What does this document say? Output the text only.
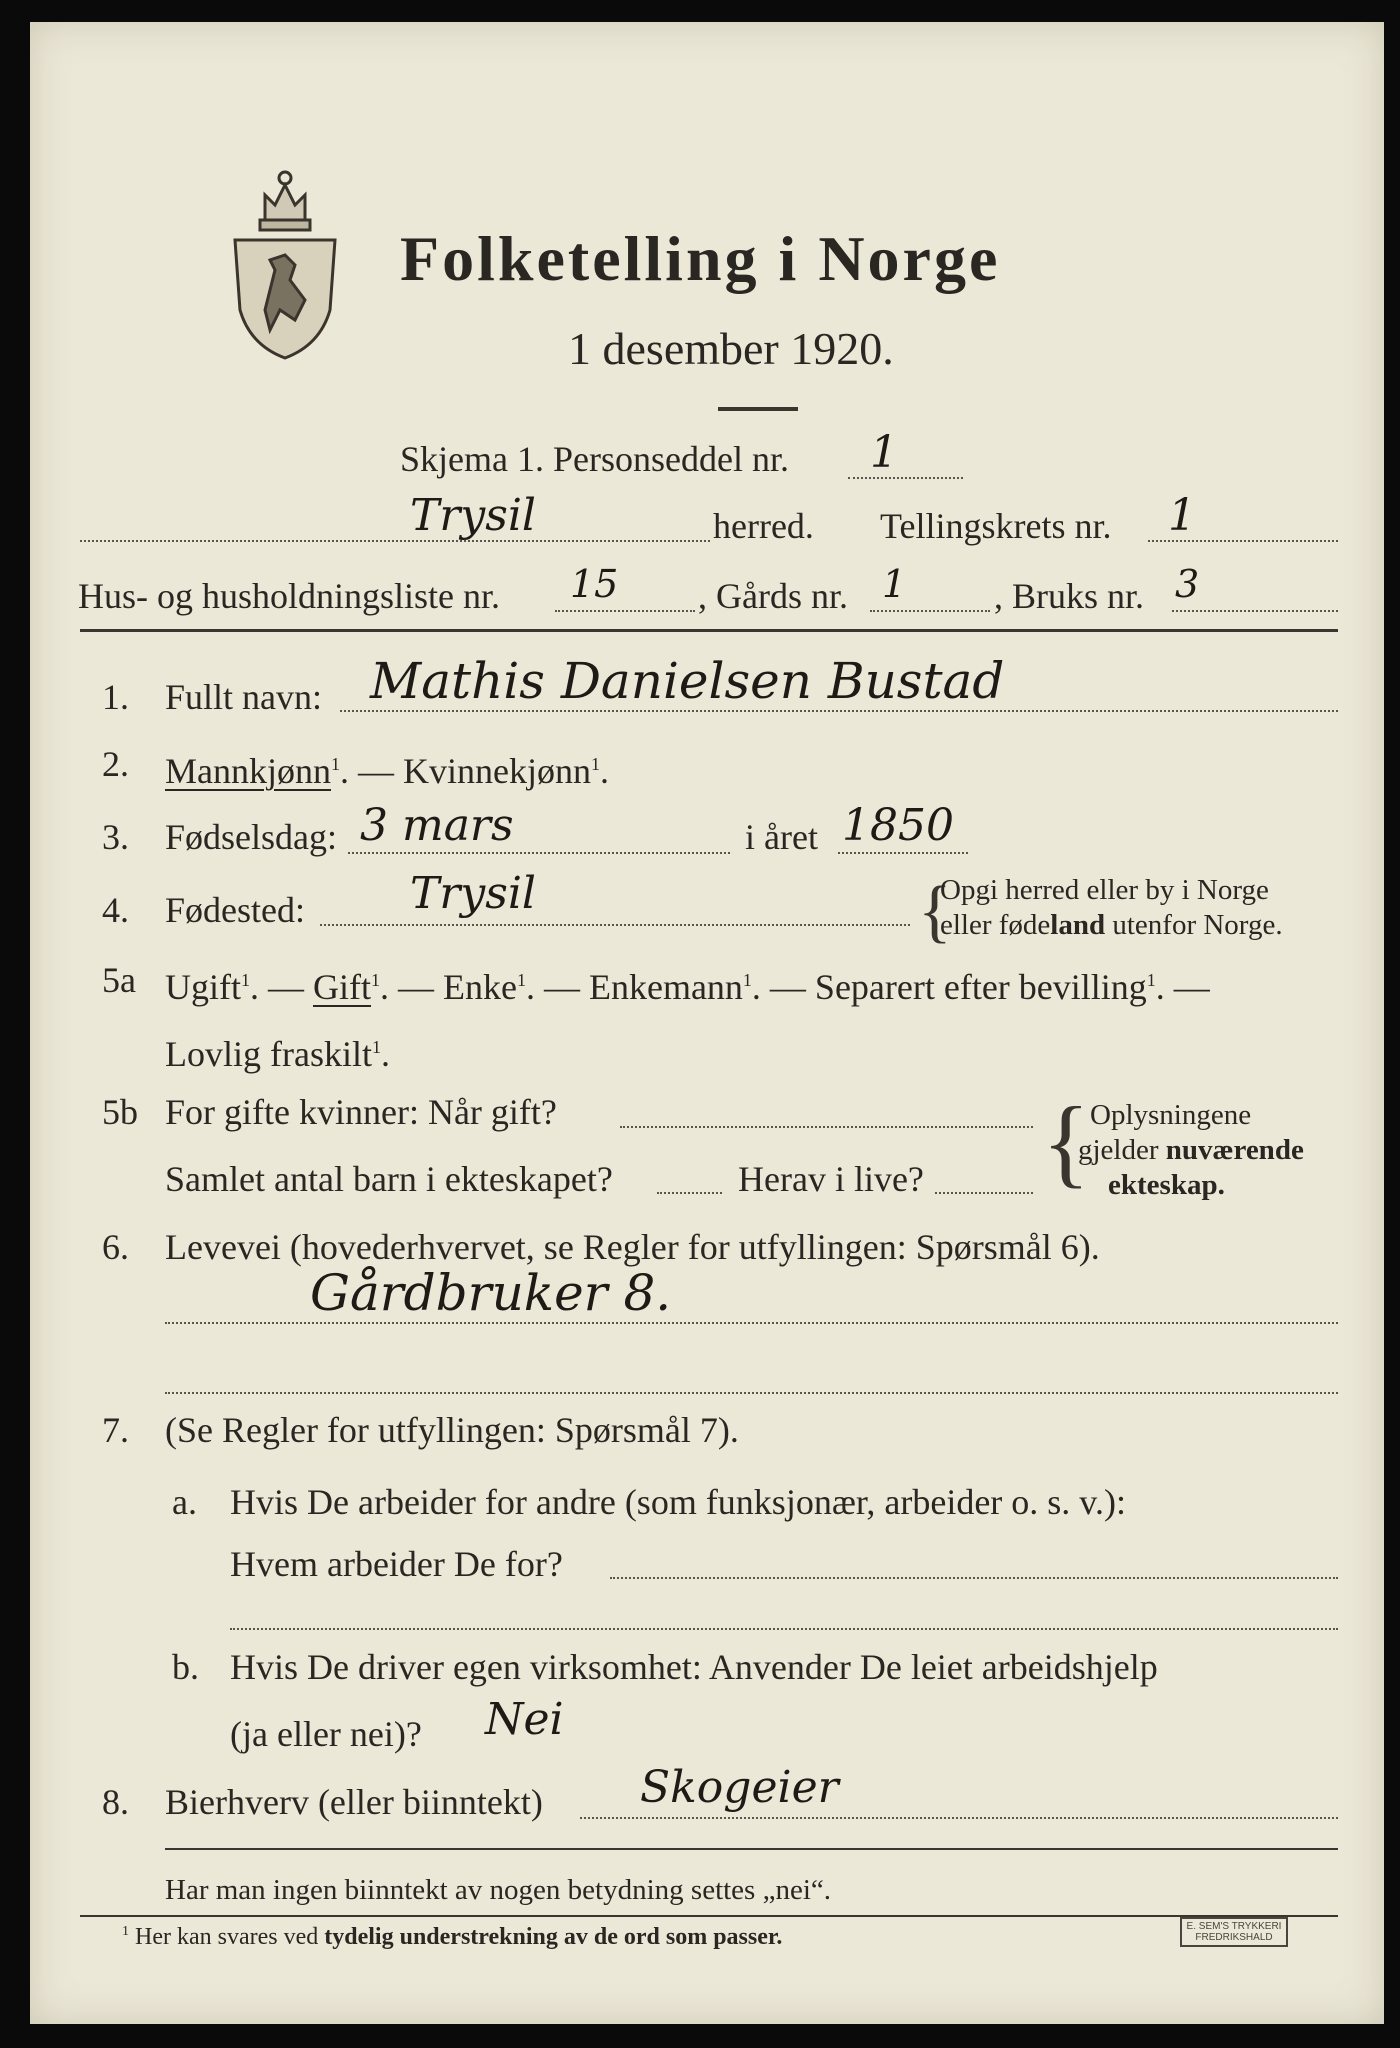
Folketelling i Norge
1 desember 1920.
Skjema 1. Personseddel nr. 1
Trysil	herred. Tellingskrets nr. 1
Hus- og husholdningsliste nr. 15 , Gårds nr. 1 , Bruks nr. 3
1. Fullt navn: Mathis Danielsen Bustad
2. Mannkjønn$^1$. — Kvinnekjønn$^1$.
3. Fødselsdag: 3 mars	i året 1850
4. Fødested: Trysil	{
Opgi herred eller by i Norge
eller fødeland utenfor Norge.
5a Ugift$^1$. — Gift$^1$. — Enke$^1$. — Enkemann$^1$. — Separert efter bevilling$^1$. —
Lovlig fraskilt$^1$.
5b For gifte kvinner: Når gift?
Samlet antal barn i ekteskapet?	Herav i live? { Oplysningene
gjelder nuværende
ekteskap.
6. Levevei (hovederhvervet, se Regler for utfyllingen: Spørsmål 6).
Gårdbruker 8.
7. (Se Regler for utfyllingen: Spørsmål 7).
a. Hvis De arbeider for andre (som funksjonær, arbeider o. s. v.):
Hvem arbeider De for?
b. Hvis De driver egen virksomhet: Anvender De leiet arbeidshjelp
(ja eller nei)? Nei
8. Bierhverv (eller biinntekt) Skogeier
Har man ingen biinntekt av nogen betydning settes „nei“.
$^1$ Her kan svares ved tydelig understrekning av de ord som passer.	E. SEM'S TRYKKERI
FREDRIKSHALD
